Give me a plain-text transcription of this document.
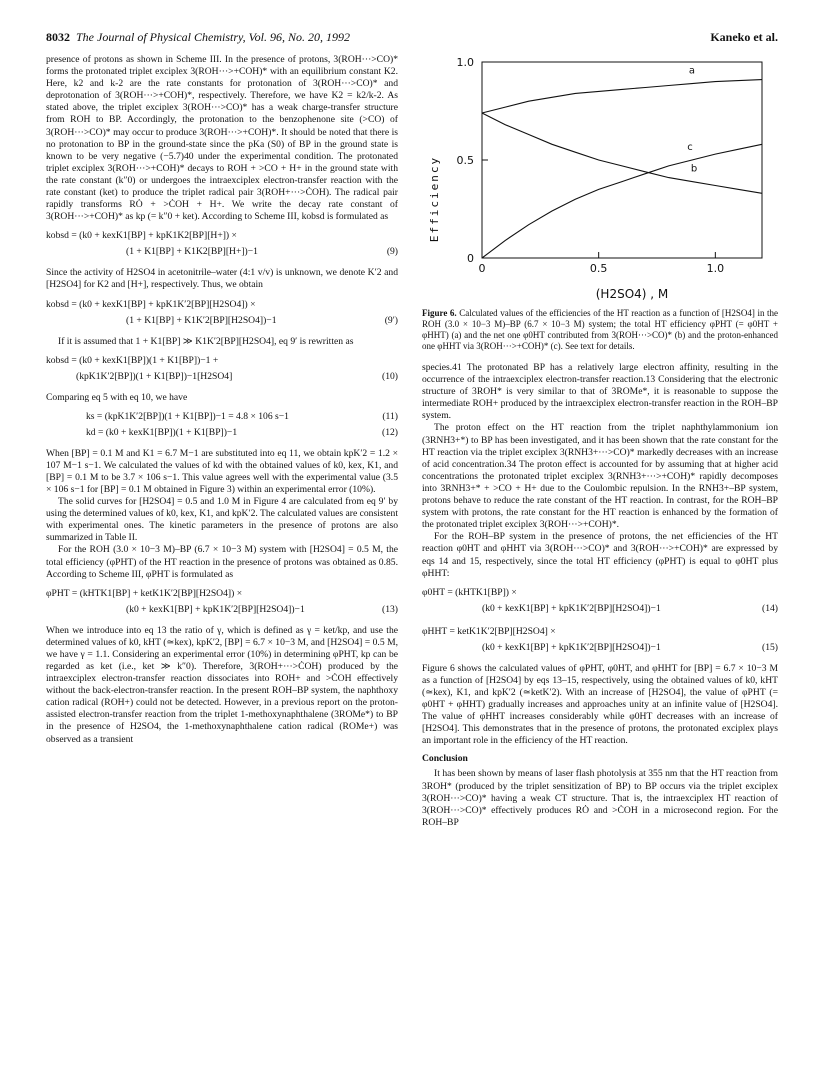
8032 The Journal of Physical Chemistry, Vol. 96, No. 20, 1992	Kaneko et al.

presence of protons as shown in Scheme III. In the presence of protons, 3(ROH···>CO)* forms the protonated triplet exciplex 3(ROH···>+COH)* with an equilibrium constant K2. Here, k2 and k-2 are the rate constants for protonation of 3(ROH···>CO)* and deprotonation of 3(ROH···>+COH)*, respectively. Therefore, we have K2 = k2/k-2. As stated above, the triplet exciplex 3(ROH···>CO)* has a weak charge-transfer structure from ROH to BP. Accordingly, the protonation to the benzophenone site (>CO) of 3(ROH···>CO)* may occur to produce 3(ROH···>+COH)*. It should be noted that there is no protonation to BP in the ground-state since the pKa (S0) of BP in the ground state is known to be very negative (−5.7)40 under the experimental condition. The protonated triplet exciplex 3(ROH···>+COH)* decays to ROH + >CO + H+ in the ground state with the rate constant (k″0) or undergoes the intraexciplex electron-transfer reaction with the rate constant (ket) to produce the triplet radical pair 3(ROH+···>ĊOH). The radical pair rapidly transforms RȮ + >ĊOH + H+. We write the decay rate constant of 3(ROH···>+COH)* as kp (= k″0 + ket). According to Scheme III, kobsd is formulated as

kobsd = (k0 + kexK1[BP] + kpK1K2[BP][H+]) ×
(1 + K1[BP] + K1K2[BP][H+])−1	(9)

Since the activity of H2SO4 in acetonitrile–water (4:1 v/v) is unknown, we denote K′2 and [H2SO4] for K2 and [H+], respectively. Thus, we obtain

kobsd = (k0 + kexK1[BP] + kpK1K′2[BP][H2SO4]) ×
(1 + K1[BP] + K1K′2[BP][H2SO4])−1	(9′)

If it is assumed that 1 + K1[BP] ≫ K1K′2[BP][H2SO4], eq 9′ is rewritten as

kobsd = (k0 + kexK1[BP])(1 + K1[BP])−1 +
(kpK1K′2[BP])(1 + K1[BP])−1[H2SO4]	(10)

Comparing eq 5 with eq 10, we have

ks = (kpK1K′2[BP])(1 + K1[BP])−1 = 4.8 × 106 s−1	(11)
kd = (k0 + kexK1[BP])(1 + K1[BP])−1	(12)

When [BP] = 0.1 M and K1 = 6.7 M−1 are substituted into eq 11, we obtain kpK′2 = 1.2 × 107 M−1 s−1. We calculated the values of kd with the obtained values of k0, kex, K1, and [BP] = 0.1 M to be 3.7 × 106 s−1. This value agrees well with the experimental value (3.5 × 106 s−1 for [BP] = 0.1 M obtained in Figure 3) within an experimental error (10%).

The solid curves for [H2SO4] = 0.5 and 1.0 M in Figure 4 are calculated from eq 9′ by using the determined values of k0, kex, K1, and kpK′2. The calculated values are consistent with experimental ones. The kinetic parameters in the presence of protons are also summarized in Table II.

For the ROH (3.0 × 10−3 M)–BP (6.7 × 10−3 M) system with [H2SO4] = 0.5 M, the total efficiency (φPHT) of the HT reaction in the presence of protons was obtained as 0.85. According to Scheme III, φPHT is formulated as

φPHT = (kHTK1[BP] + ketK1K′2[BP][H2SO4]) ×
(k0 + kexK1[BP] + kpK1K′2[BP][H2SO4])−1	(13)

When we introduce into eq 13 the ratio of γ, which is defined as γ = ket/kp, and use the determined values of k0, kHT (≃kex), kpK′2, [BP] = 6.7 × 10−3 M, and [H2SO4] = 0.5 M, we have γ = 1.1. Considering an experimental error (10%) in determining φPHT, kp can be regarded as ket (i.e., ket ≫ k″0). Therefore, 3(ROH+···>ĊOH) produced by the intraexciplex electron-transfer reaction dissociates into ROH+ and >ĊOH effectively without the back-electron-transfer reaction. In the present ROH–BP system, the naphthoxy cation radical (ROH+) could not be detected. However, in a previous report on the proton-assisted electron-transfer reaction from the triplet 1-methoxynaphthalene (3ROMe*) to BP in the presence of H2SO4, the 1-methoxynaphthalene cation radical (ROMe+) was observed as a transient

a
b
c
0	0.5	1.0
0
0.5
1.0
Efficiency
(H2SO4) , M
Figure 6. Calculated values of the efficiencies of the HT reaction as a function of [H2SO4] in the ROH (3.0 × 10−3 M)–BP (6.7 × 10−3 M) system; the total HT efficiency φPHT (= φ0HT + φHHT) (a) and the net one φ0HT contributed from 3(ROH···>CO)* (b) and the proton-enhanced one φHHT via 3(ROH···>+COH)* (c). See text for details.

species.41 The protonated BP has a relatively large electron affinity, resulting in the occurrence of the intraexciplex electron-transfer reaction.13 Considering that the electronic structure of 3ROH* is very similar to that of 3ROMe*, it is reasonable to suppose the intermediate ROH+ produced by the intraexciplex electron-transfer reaction in the ROH–BP system.

The proton effect on the HT reaction from the triplet naphthylammonium ion (3RNH3+*) to BP has been investigated, and it has been shown that the rate constant for the HT reaction via the triplet exciplex 3(RNH3+···>CO)* markedly decreases with an increase of acid concentration.34 The proton effect is accounted for by assuming that at higher acid concentrations the protonated triplet exciplex 3(RNH3+···>+COH)* rapidly decomposes into 3RNH3+* + >CO + H+ due to the Coulombic repulsion. In the RNH3+–BP system, protons behave to reduce the rate constant of the HT reaction. In contrast, for the ROH–BP system with protons, the rate constant for the HT reaction is enhanced by the formation of the protonated triplet exciplex 3(ROH···>+COH)*.

For the ROH–BP system in the presence of protons, the net efficiencies of the HT reaction φ0HT and φHHT via 3(ROH···>CO)* and 3(ROH···>+COH)* are expressed by eqs 14 and 15, respectively, since the total HT efficiency (φPHT) is equal to φ0HT plus φHHT:

φ0HT = (kHTK1[BP]) ×
(k0 + kexK1[BP] + kpK1K′2[BP][H2SO4])−1	(14)
φHHT = ketK1K′2[BP][H2SO4] ×
(k0 + kexK1[BP] + kpK1K′2[BP][H2SO4])−1	(15)

Figure 6 shows the calculated values of φPHT, φ0HT, and φHHT for [BP] = 6.7 × 10−3 M as a function of [H2SO4] by eqs 13–15, respectively, using the obtained values of k0, kHT (≃kex), K1, and kpK′2 (≃ketK′2). With an increase of [H2SO4], the value of φPHT (= φ0HT + φHHT) gradually increases and approaches unity at an infinite value of [H2SO4]. The value of φHHT increases considerably while φ0HT decreases with an increase of [H2SO4]. This demonstrates that in the presence of protons, the protonated exciplex plays an important role in the efficiency of the HT reaction.

Conclusion

It has been shown by means of laser flash photolysis at 355 nm that the HT reaction from 3ROH* (produced by the triplet sensitization of BP) to BP occurs via the triplet exciplex 3(ROH···>CO)* having a weak CT structure. That is, the intraexciplex HT reaction of 3(ROH···>CO)* effectively produces RȮ and >ĊOH in a microsecond region. For the ROH–BP
